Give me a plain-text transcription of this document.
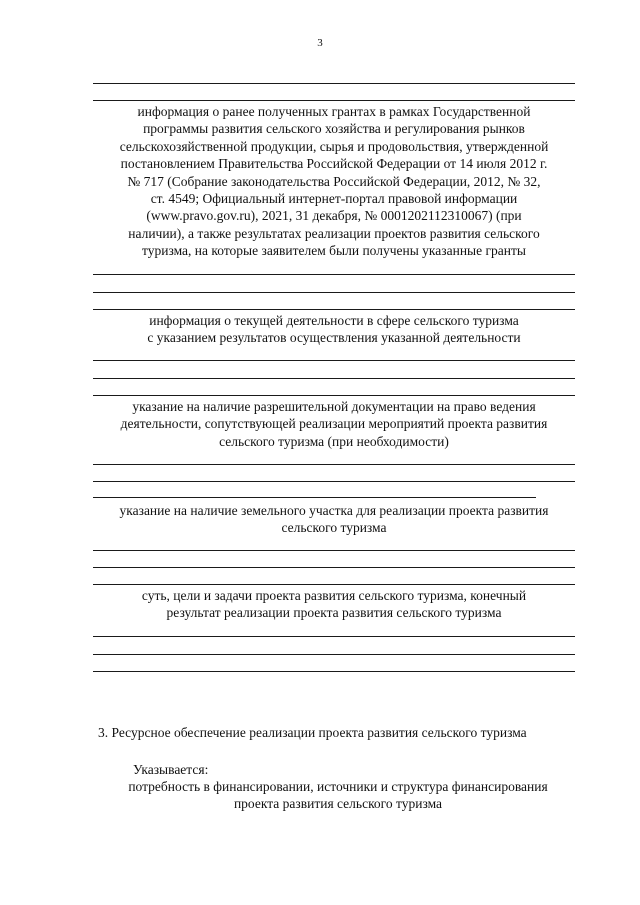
3
информация о ранее полученных грантах в рамках Государственной
программы развития сельского хозяйства и регулирования рынков
сельскохозяйственной продукции, сырья и продовольствия, утвержденной
постановлением Правительства Российской Федерации от 14 июля 2012 г.
№ 717 (Собрание законодательства Российской Федерации, 2012, № 32,
ст. 4549; Официальный интернет-портал правовой информации
(www.pravo.gov.ru), 2021, 31 декабря, № 0001202112310067) (при
наличии), а также результатах реализации проектов развития сельского
туризма, на которые заявителем были получены указанные гранты
информация о текущей деятельности в сфере сельского туризма
с указанием результатов осуществления указанной деятельности
указание на наличие разрешительной документации на право ведения
деятельности, сопутствующей реализации мероприятий проекта развития
сельского туризма (при необходимости)
указание на наличие земельного участка для реализации проекта развития
сельского туризма
суть, цели и задачи проекта развития сельского туризма, конечный
результат реализации проекта развития сельского туризма
3. Ресурсное обеспечение реализации проекта развития сельского туризма
Указывается:
потребность в финансировании, источники и структура финансирования
проекта развития сельского туризма
